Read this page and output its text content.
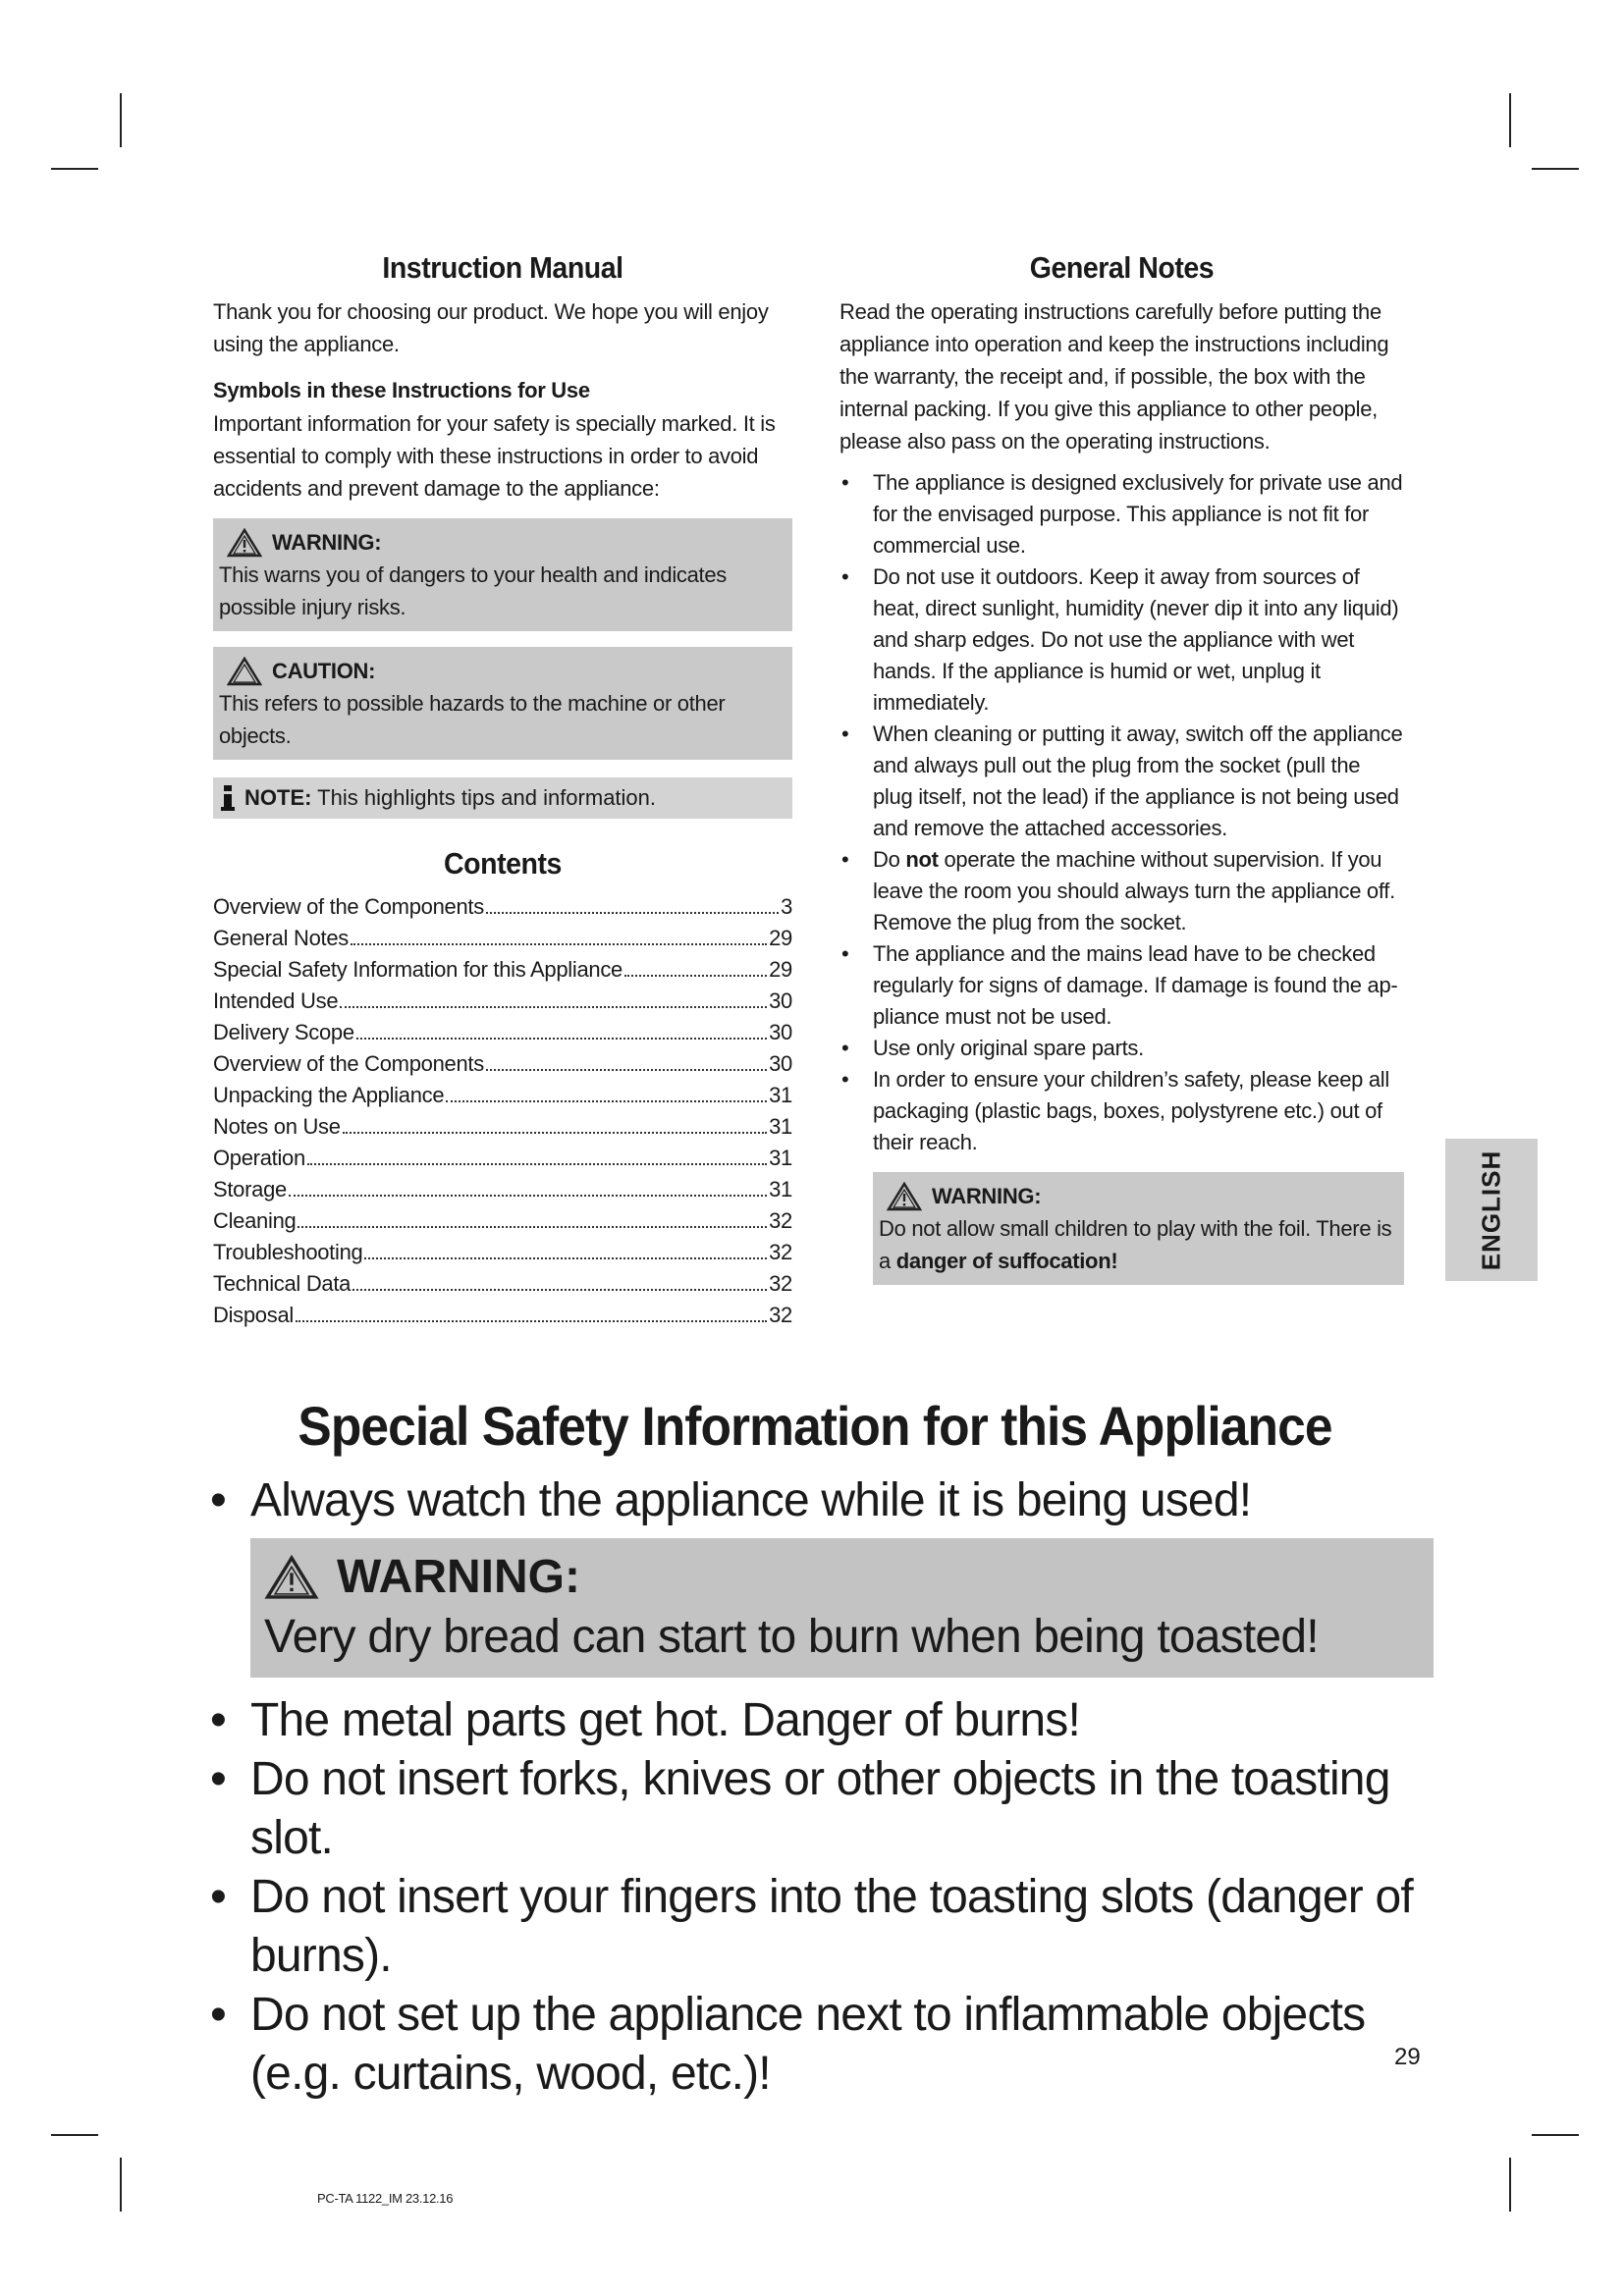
Instruction Manual

Thank you for choosing our product. We hope you will enjoy using the appliance.

Symbols in these Instructions for Use

Important information for your safety is specially marked. It is essential to comply with these instructions in order to avoid accidents and prevent damage to the appliance:

WARNING:

This warns you of dangers to your health and indicates possible injury risks.

CAUTION:

This refers to possible hazards to the machine or other objects.

NOTE: This highlights tips and information.
Contents
Overview of the Components	3
General Notes	29
Special Safety Information for this Appliance	29
Intended Use	30
Delivery Scope	30
Overview of the Components	30
Unpacking the Appliance	31
Notes on Use	31
Operation	31
Storage	31
Cleaning	32
Troubleshooting	32
Technical Data	32
Disposal	32
General Notes

Read the operating instructions carefully before putting the appliance into operation and keep the instructions including the warranty, the receipt and, if possible, the box with the internal packing. If you give this appliance to other people, please also pass on the operating instructions.

• The appliance is designed exclusively for private use and for the envisaged purpose. This appliance is not fit for commercial use.
• Do not use it outdoors. Keep it away from sources of heat, direct sunlight, humidity (never dip it into any liquid) and sharp edges. Do not use the appliance with wet hands. If the appliance is humid or wet, unplug it immediately.
• When cleaning or putting it away, switch off the appliance and always pull out the plug from the socket (pull the plug itself, not the lead) if the appliance is not being used and remove the attached accessories.
• Do not operate the machine without supervision. If you leave the room you should always turn the appliance off.
Remove the plug from the socket.
• The appliance and the mains lead have to be checked regularly for signs of damage. If damage is found the appliance must not be used.
• Use only original spare parts.
• In order to ensure your children’s safety, please keep all packaging (plastic bags, boxes, polystyrene etc.) out of their reach.
WARNING:

Do not allow small children to play with the foil. There is a danger of suffocation!	ENGLISH
Special Safety Information for this Appliance
• Always watch the appliance while it is being used!
WARNING:
Very dry bread can start to burn when being toasted!
• The metal parts get hot. Danger of burns!
• Do not insert forks, knives or other objects in the toasting slot.
• Do not insert your fingers into the toasting slots (danger of burns).
• Do not set up the appliance next to inflammable objects (e.g. curtains, wood, etc.)!	29
PC-TA 1122_IM 23.12.16
